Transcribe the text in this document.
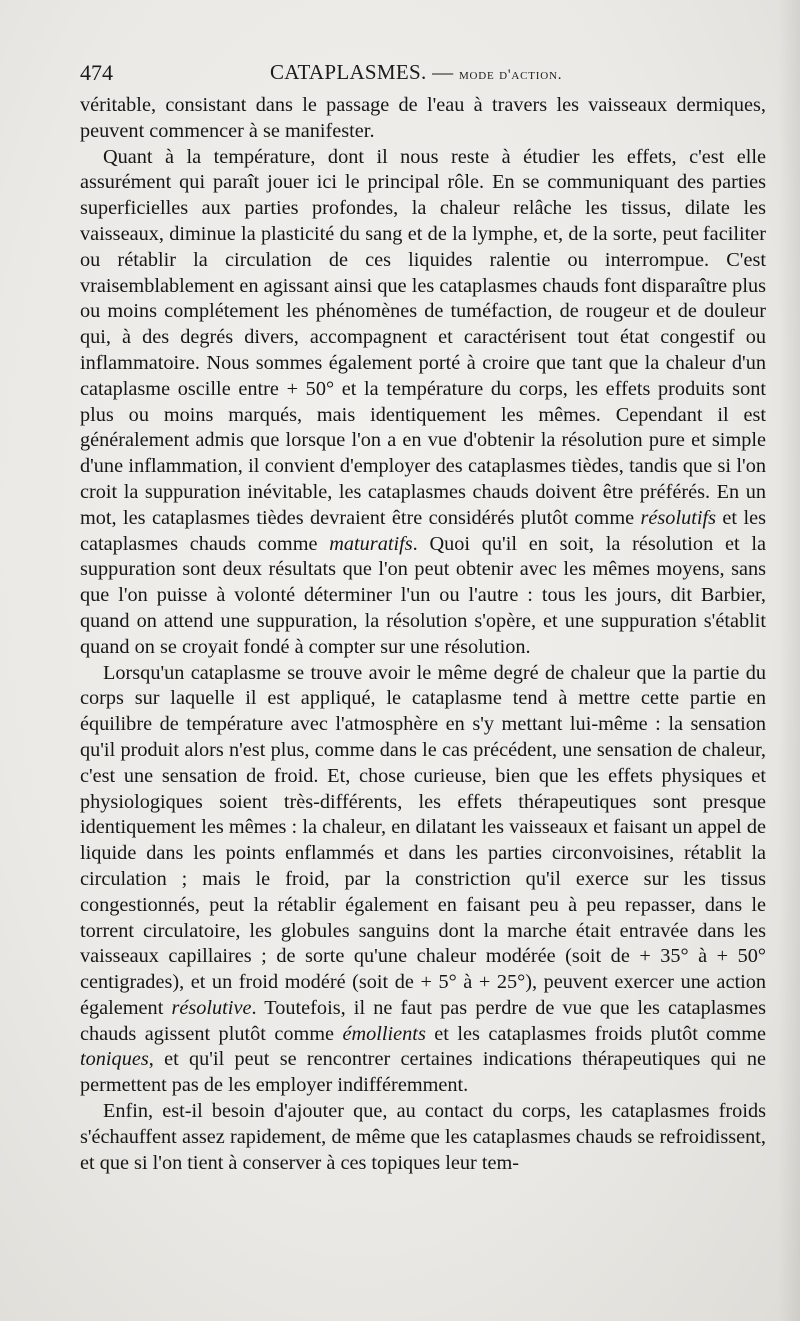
474	CATAPLASMES. — mode d'action.

véritable, consistant dans le passage de l'eau à travers les vaisseaux dermiques, peuvent commencer à se manifester.

Quant à la température, dont il nous reste à étudier les effets, c'est elle assurément qui paraît jouer ici le principal rôle. En se communiquant des parties superficielles aux parties profondes, la chaleur relâche les tissus, dilate les vaisseaux, diminue la plasticité du sang et de la lymphe, et, de la sorte, peut faciliter ou rétablir la circulation de ces liquides ralentie ou interrompue. C'est vraisemblablement en agissant ainsi que les cataplasmes chauds font disparaître plus ou moins complétement les phénomènes de tuméfaction, de rougeur et de douleur qui, à des degrés divers, accompagnent et caractérisent tout état congestif ou inflammatoire. Nous sommes également porté à croire que tant que la chaleur d'un cataplasme oscille entre + 50° et la température du corps, les effets produits sont plus ou moins marqués, mais identiquement les mêmes. Cependant il est généralement admis que lorsque l'on a en vue d'obtenir la résolution pure et simple d'une inflammation, il convient d'employer des cataplasmes tièdes, tandis que si l'on croit la suppuration inévitable, les cataplasmes chauds doivent être préférés. En un mot, les cataplasmes tièdes devraient être considérés plutôt comme résolutifs et les cataplasmes chauds comme maturatifs. Quoi qu'il en soit, la résolution et la suppuration sont deux résultats que l'on peut obtenir avec les mêmes moyens, sans que l'on puisse à volonté déterminer l'un ou l'autre : tous les jours, dit Barbier, quand on attend une suppuration, la résolution s'opère, et une suppuration s'établit quand on se croyait fondé à compter sur une résolution.

Lorsqu'un cataplasme se trouve avoir le même degré de chaleur que la partie du corps sur laquelle il est appliqué, le cataplasme tend à mettre cette partie en équilibre de température avec l'atmosphère en s'y mettant lui-même : la sensation qu'il produit alors n'est plus, comme dans le cas précédent, une sensation de chaleur, c'est une sensation de froid. Et, chose curieuse, bien que les effets physiques et physiologiques soient très-différents, les effets thérapeutiques sont presque identiquement les mêmes : la chaleur, en dilatant les vaisseaux et faisant un appel de liquide dans les points enflammés et dans les parties circonvoisines, rétablit la circulation ; mais le froid, par la constriction qu'il exerce sur les tissus congestionnés, peut la rétablir également en faisant peu à peu repasser, dans le torrent circulatoire, les globules sanguins dont la marche était entravée dans les vaisseaux capillaires ; de sorte qu'une chaleur modérée (soit de + 35° à + 50° centigrades), et un froid modéré (soit de + 5° à + 25°), peuvent exercer une action également résolutive. Toutefois, il ne faut pas perdre de vue que les cataplasmes chauds agissent plutôt comme émollients et les cataplasmes froids plutôt comme toniques, et qu'il peut se rencontrer certaines indications thérapeutiques qui ne permettent pas de les employer indifféremment.

Enfin, est-il besoin d'ajouter que, au contact du corps, les cataplasmes froids s'échauffent assez rapidement, de même que les cataplasmes chauds se refroidissent, et que si l'on tient à conserver à ces topiques leur tem-
